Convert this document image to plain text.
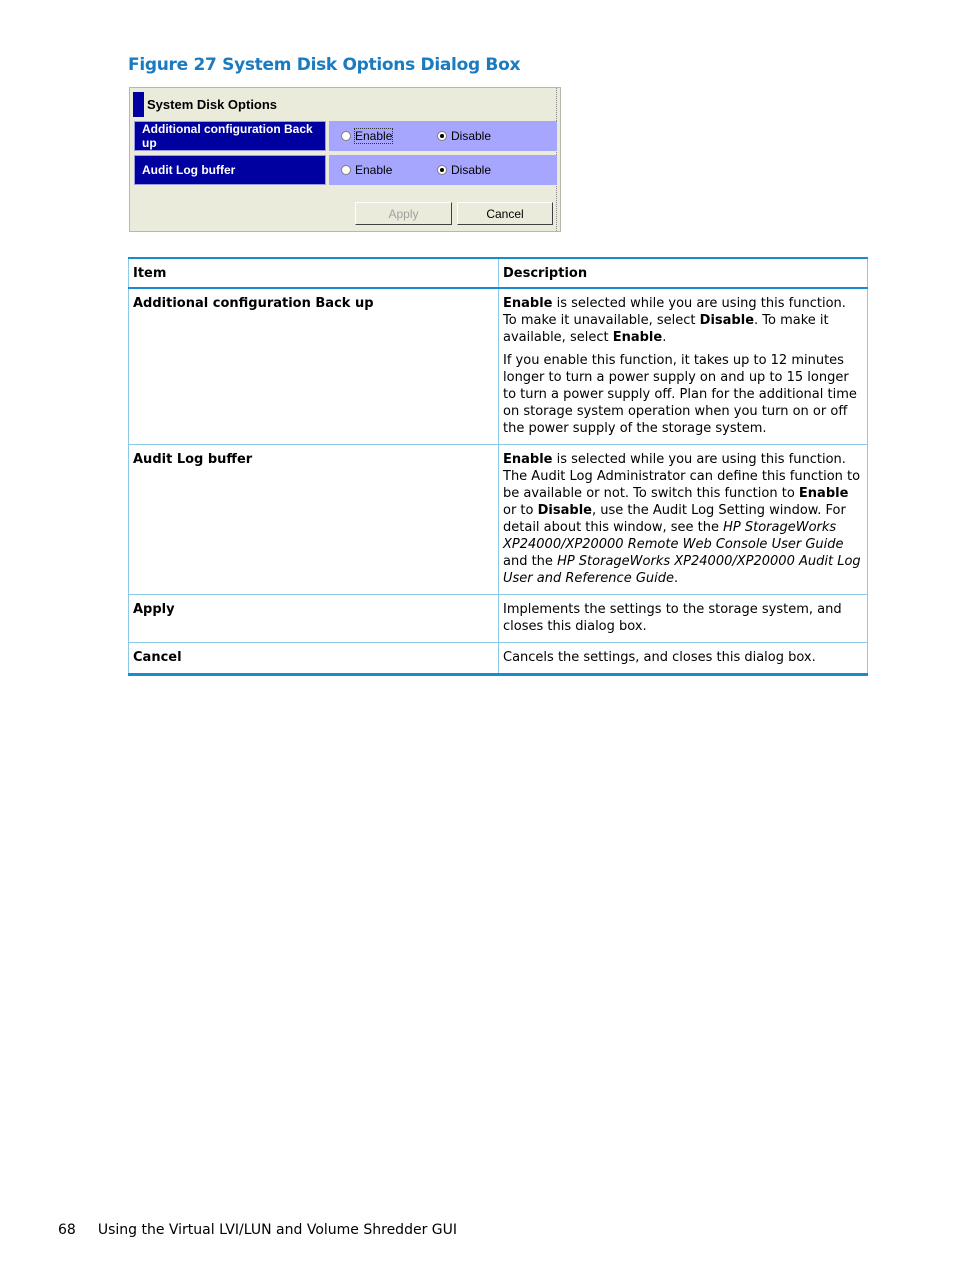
Figure 27 System Disk Options Dialog Box
System Disk Options
Additional configuration Back up	Enable	Disable
Audit Log buffer	Enable	Disable
Apply	Cancel
Item	Description
Additional configuration Back up	Enable is selected while you are using this function. To make it unavailable, select Disable. To make it available, select Enable.

If you enable this function, it takes up to 12 minutes longer to turn a power supply on and up to 15 longer to turn a power supply off. Plan for the additional time on storage system operation when you turn on or off the power supply of the storage system.

Audit Log buffer	Enable is selected while you are using this function. The Audit Log Administrator can define this function to be available or not. To switch this function to Enable or to Disable, use the Audit Log Setting window. For detail about this window, see the HP StorageWorks XP24000/XP20000 Remote Web Console User Guide and the HP StorageWorks XP24000/XP20000 Audit Log User and Reference Guide.

Apply	Implements the settings to the storage system, and closes this dialog box.
Cancel	Cancels the settings, and closes this dialog box.
68 Using the Virtual LVI/LUN and Volume Shredder GUI
